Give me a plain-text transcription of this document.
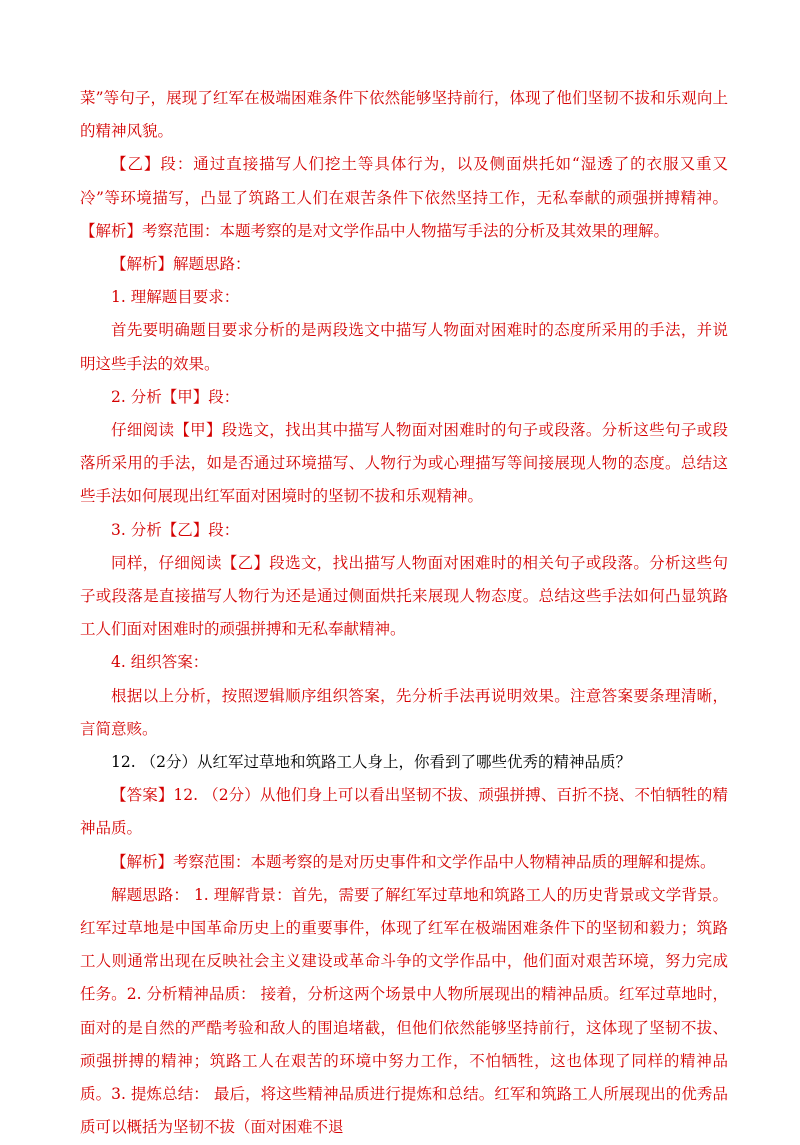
菜”等句子，展现了红军在极端困难条件下依然能够坚持前行，体现了他们坚韧不拔和乐观向上的精神风貌。

【乙】段：通过直接描写人们挖土等具体行为，以及侧面烘托如“湿透了的衣服又重又冷”等环境描写，凸显了筑路工人们在艰苦条件下依然坚持工作，无私奉献的顽强拼搏精神。【解析】考察范围：本题考察的是对文学作品中人物描写手法的分析及其效果的理解。

【解析】解题思路：

1. 理解题目要求：

首先要明确题目要求分析的是两段选文中描写人物面对困难时的态度所采用的手法，并说明这些手法的效果。

2. 分析【甲】段：

仔细阅读【甲】段选文，找出其中描写人物面对困难时的句子或段落。分析这些句子或段落所采用的手法，如是否通过环境描写、人物行为或心理描写等间接展现人物的态度。总结这些手法如何展现出红军面对困境时的坚韧不拔和乐观精神。

3. 分析【乙】段：

同样，仔细阅读【乙】段选文，找出描写人物面对困难时的相关句子或段落。分析这些句子或段落是直接描写人物行为还是通过侧面烘托来展现人物态度。总结这些手法如何凸显筑路工人们面对困难时的顽强拼搏和无私奉献精神。

4. 组织答案：

根据以上分析，按照逻辑顺序组织答案，先分析手法再说明效果。注意答案要条理清晰，言简意赅。

12. （2分）从红军过草地和筑路工人身上，你看到了哪些优秀的精神品质？

【答案】12. （2分）从他们身上可以看出坚韧不拔、顽强拼搏、百折不挠、不怕牺牲的精神品质。

【解析】考察范围：本题考察的是对历史事件和文学作品中人物精神品质的理解和提炼。

解题思路： 1. 理解背景：首先，需要了解红军过草地和筑路工人的历史背景或文学背景。红军过草地是中国革命历史上的重要事件，体现了红军在极端困难条件下的坚韧和毅力；筑路工人则通常出现在反映社会主义建设或革命斗争的文学作品中，他们面对艰苦环境，努力完成任务。2. 分析精神品质： 接着，分析这两个场景中人物所展现出的精神品质。红军过草地时，面对的是自然的严酷考验和敌人的围追堵截，但他们依然能够坚持前行，这体现了坚韧不拔、顽强拼搏的精神；筑路工人在艰苦的环境中努力工作，不怕牺牲，这也体现了同样的精神品质。3. 提炼总结： 最后，将这些精神品质进行提炼和总结。红军和筑路工人所展现出的优秀品质可以概括为坚韧不拔（面对困难不退
